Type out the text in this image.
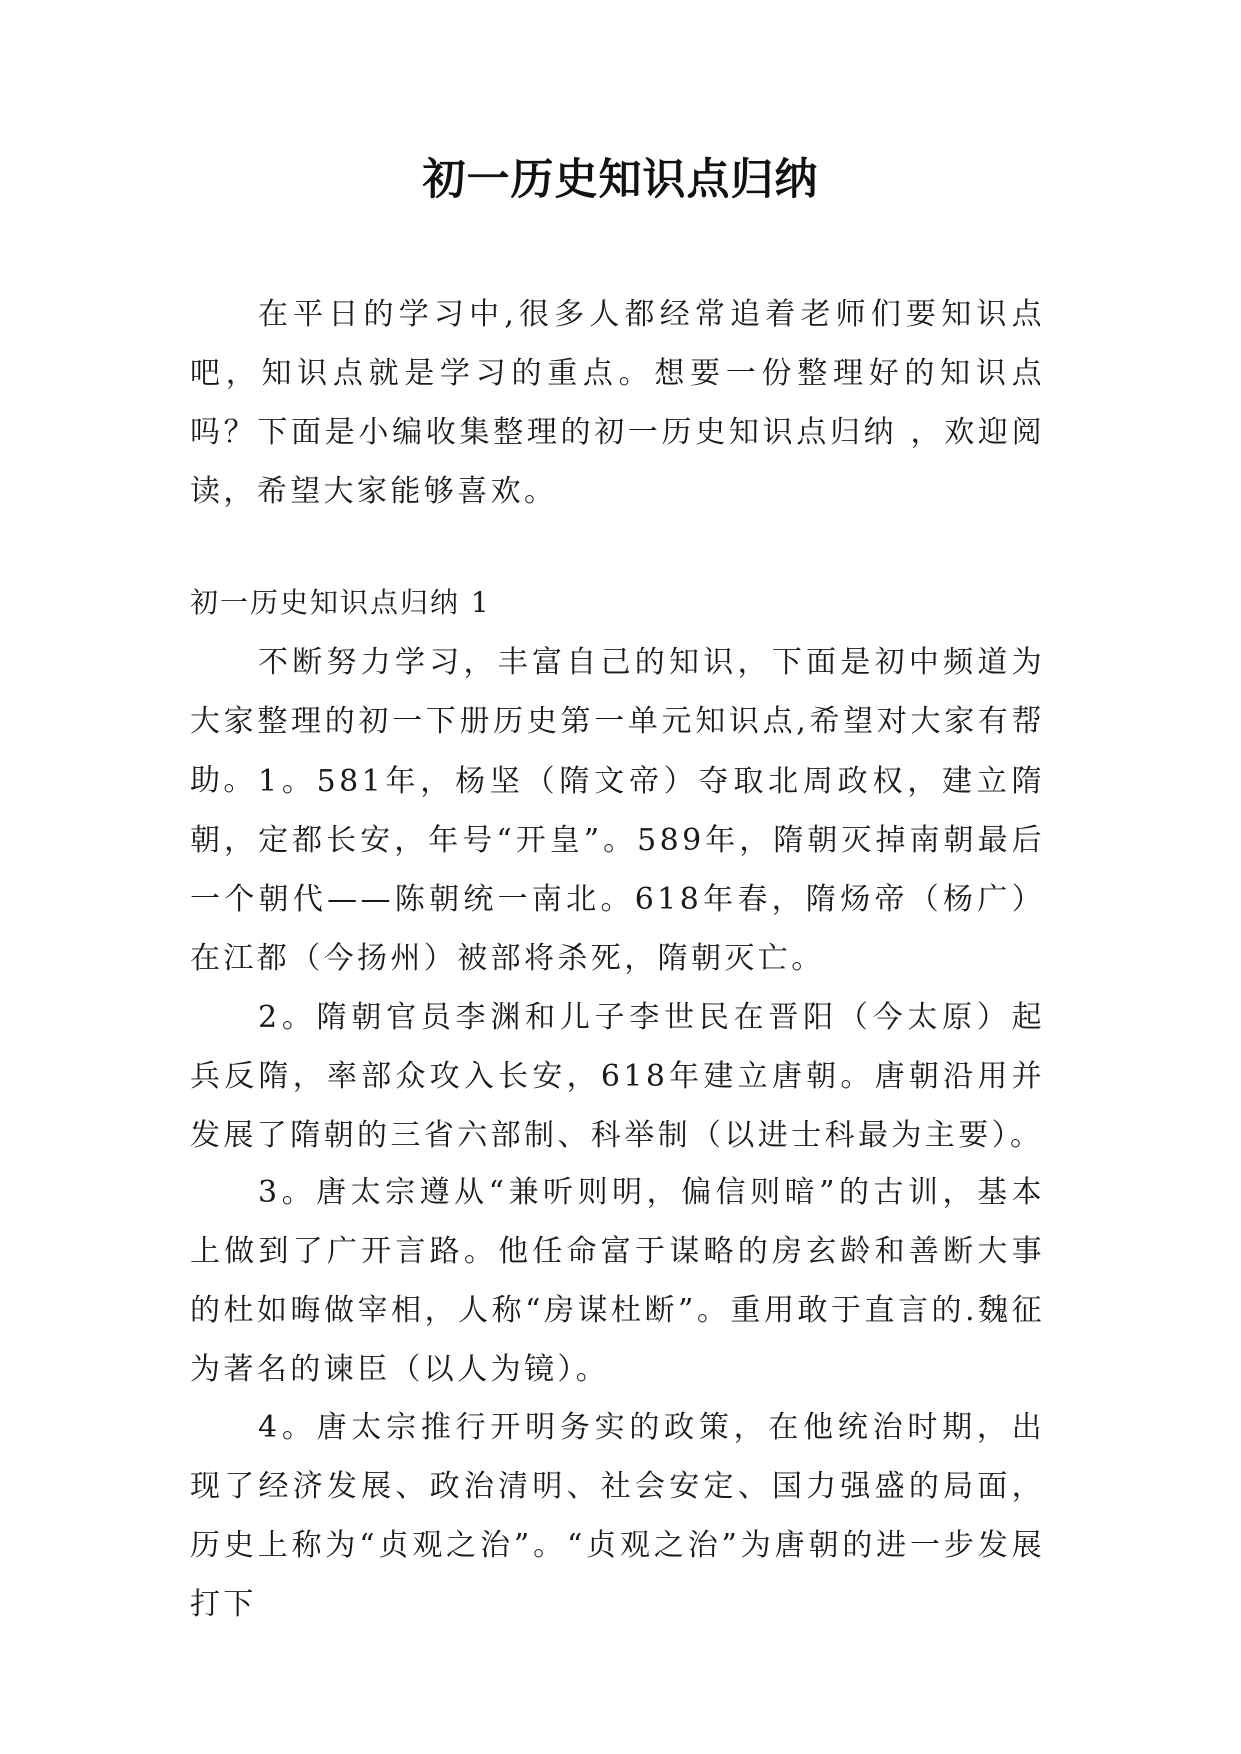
初一历史知识点归纳

在平日的学习中,很多人都经常追着老师们要知识点吧，知识点就是学习的重点。想要一份整理好的知识点吗？下面是小编收集整理的初一历史知识点归纳 ，欢迎阅读，希望大家能够喜欢。

初一历史知识点归纳 1

不断努力学习，丰富自己的知识，下面是初中频道为大家整理的初一下册历史第一单元知识点,希望对大家有帮助。 1。581年，杨坚（隋文帝）夺取北周政权，建立隋朝，定都长安，年号“开皇”。589年，隋朝灭掉南朝最后一个朝代——陈朝统一南北。618年春，隋炀帝（杨广）在江都（今扬州）被部将杀死，隋朝灭亡。

2。隋朝官员李渊和儿子李世民在晋阳（今太原）起兵反隋，率部众攻入长安，618年建立唐朝。唐朝沿用并发展了隋朝的三省六部制、科举制（以进士科最为主要）。

3。唐太宗遵从“兼听则明，偏信则暗”的古训，基本上做到了广开言路。他任命富于谋略的房玄龄和善断大事的杜如晦做宰相，人称“房谋杜断”。重用敢于直言的.魏征为著名的谏臣（以人为镜）。

4。唐太宗推行开明务实的政策，在他统治时期，出现了经济发展、政治清明、社会安定、国力强盛的局面，历史上称为“贞观之治”。“贞观之治”为唐朝的进一步发展打下
